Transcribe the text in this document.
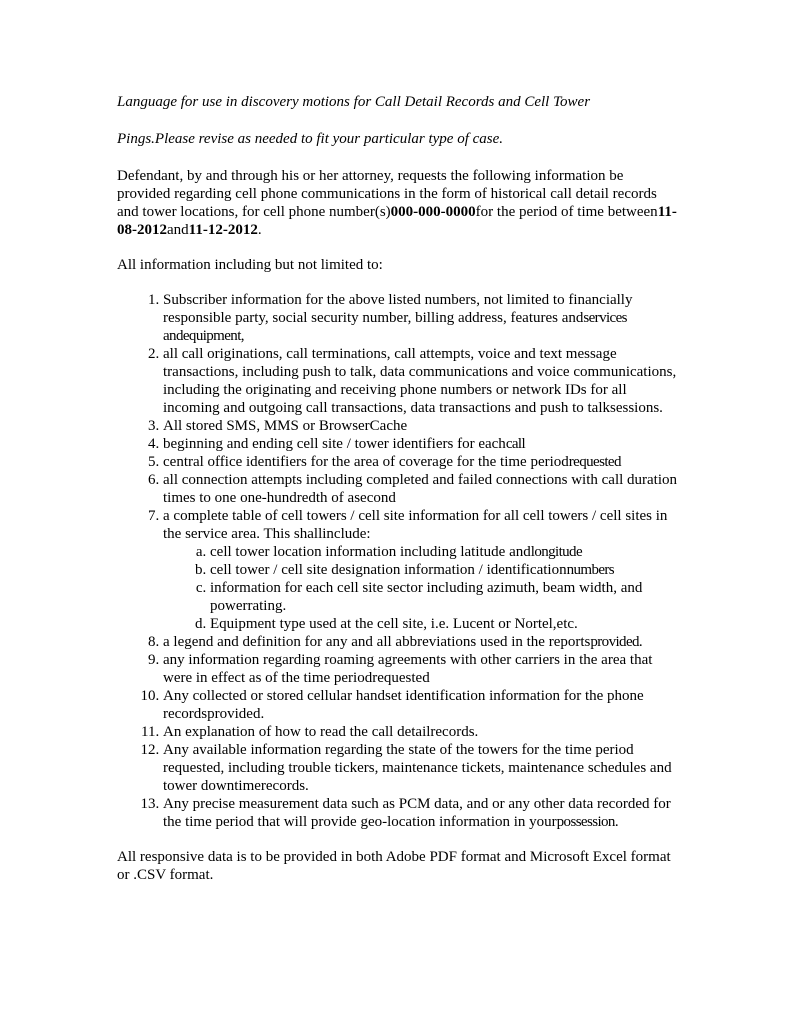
Language for use in discovery motions for Call Detail Records and Cell Tower

Pings.Please revise as needed to fit your particular type of case.

Defendant, by and through his or her attorney, requests the following information be provided regarding cell phone communications in the form of historical call detail records and tower locations, for cell phone number(s)000-000-0000for the period of time between11-08-2012and11-12-2012.

All information including but not limited to:

1. Subscriber information for the above listed numbers, not limited to financially responsible party, social security number, billing address, features andservices andequipment,
2. all call originations, call terminations, call attempts, voice and text message transactions, including push to talk, data communications and voice communications, including the originating and receiving phone numbers or network IDs for all incoming and outgoing call transactions, data transactions and push to talksessions.
3. All stored SMS, MMS or BrowserCache
4. beginning and ending cell site / tower identifiers for eachcall
5. central office identifiers for the area of coverage for the time periodrequested
6. all connection attempts including completed and failed connections with call duration times to one one-hundredth of asecond
7. a complete table of cell towers / cell site information for all cell towers / cell sites in the service area. This shallinclude:
a. cell tower location information including latitude andlongitude
b. cell tower / cell site designation information / identificationnumbers
c. information for each cell site sector including azimuth, beam width, and powerrating.
d. Equipment type used at the cell site, i.e. Lucent or Nortel,etc.
8. a legend and definition for any and all abbreviations used in the reportsprovided.
9. any information regarding roaming agreements with other carriers in the area that were in effect as of the time periodrequested
10. Any collected or stored cellular handset identification information for the phone recordsprovided.
11. An explanation of how to read the call detailrecords.
12. Any available information regarding the state of the towers for the time period requested, including trouble tickers, maintenance tickets, maintenance schedules and tower downtimerecords.
13. Any precise measurement data such as PCM data, and or any other data recorded for the time period that will provide geo-location information in yourpossession.

All responsive data is to be provided in both Adobe PDF format and Microsoft Excel format or .CSV format.
